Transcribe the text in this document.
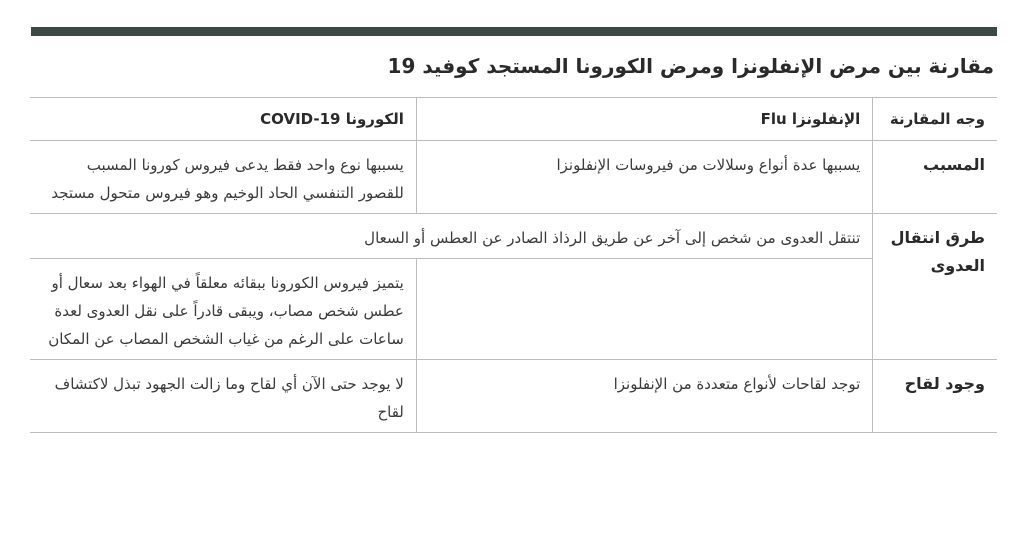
مقارنة بين مرض الإنفلونزا ومرض الكورونا المستجد كوفيد 19
وجه المقارنة	الإنفلونزا Flu	الكورونا COVID-19
المسبب	يسببها عدة أنواع وسلالات من فيروسات الإنفلونزا	يسببها نوع واحد فقط يدعى فيروس كورونا المسبب للقصور التنفسي الحاد الوخيم وهو فيروس متحول مستجد
طرق انتقال العدوى	تنتقل العدوى من شخص إلى آخر عن طريق الرذاذ الصادر عن العطس أو السعال	
		يتميز فيروس الكورونا ببقائه معلقاً في الهواء بعد سعال أو عطس شخص مصاب، ويبقى قادراً على نقل العدوى لعدة ساعات على الرغم من غياب الشخص المصاب عن المكان
وجود لقاح	توجد لقاحات لأنواع متعددة من الإنفلونزا	لا يوجد حتى الآن أي لقاح وما زالت الجهود تبذل لاكتشاف لقاح
